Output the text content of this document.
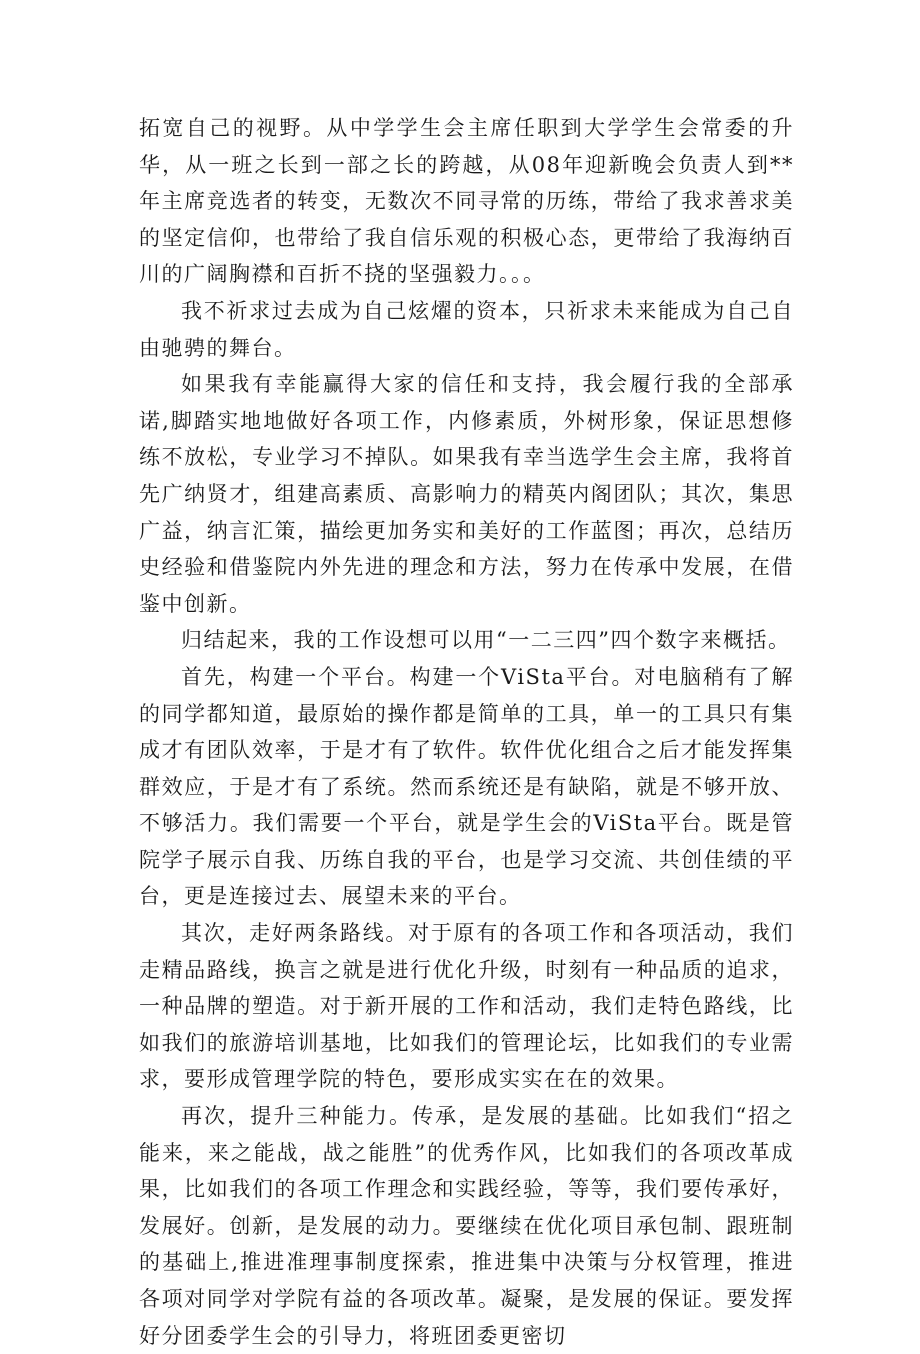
拓宽自己的视野。从中学学生会主席任职到大学学生会常委的升华，从一班之长到一部之长的跨越，从08年迎新晚会负责人到**年主席竞选者的转变，无数次不同寻常的历练，带给了我求善求美的坚定信仰，也带给了我自信乐观的积极心态，更带给了我海纳百川的广阔胸襟和百折不挠的坚强毅力。。。

我不祈求过去成为自己炫燿的资本，只祈求未来能成为自己自由驰骋的舞台。

如果我有幸能赢得大家的信任和支持，我会履行我的全部承诺,脚踏实地地做好各项工作，内修素质，外树形象，保证思想修练不放松，专业学习不掉队。如果我有幸当选学生会主席，我将首先广纳贤才，组建高素质、高影响力的精英内阁团队；其次，集思广益，纳言汇策，描绘更加务实和美好的工作蓝图；再次，总结历史经验和借鉴院内外先进的理念和方法，努力在传承中发展，在借鉴中创新。

归结起来，我的工作设想可以用“一二三四”四个数字来概括。

首先，构建一个平台。构建一个ViSta平台。对电脑稍有了解的同学都知道，最原始的操作都是简单的工具，单一的工具只有集成才有团队效率，于是才有了软件。软件优化组合之后才能发挥集群效应，于是才有了系统。然而系统还是有缺陷，就是不够开放、不够活力。我们需要一个平台，就是学生会的ViSta平台。既是管院学子展示自我、历练自我的平台，也是学习交流、共创佳绩的平台，更是连接过去、展望未来的平台。

其次，走好两条路线。对于原有的各项工作和各项活动，我们走精品路线，换言之就是进行优化升级，时刻有一种品质的追求，一种品牌的塑造。对于新开展的工作和活动，我们走特色路线，比如我们的旅游培训基地，比如我们的管理论坛，比如我们的专业需求，要形成管理学院的特色，要形成实实在在的效果。

再次，提升三种能力。传承，是发展的基础。比如我们“招之能来，来之能战，战之能胜”的优秀作风，比如我们的各项改革成果，比如我们的各项工作理念和实践经验，等等，我们要传承好，发展好。创新，是发展的动力。要继续在优化项目承包制、跟班制的基础上,推进准理事制度探索，推进集中决策与分权管理，推进各项对同学对学院有益的各项改革。凝聚，是发展的保证。要发挥好分团委学生会的引导力，将班团委更密切
